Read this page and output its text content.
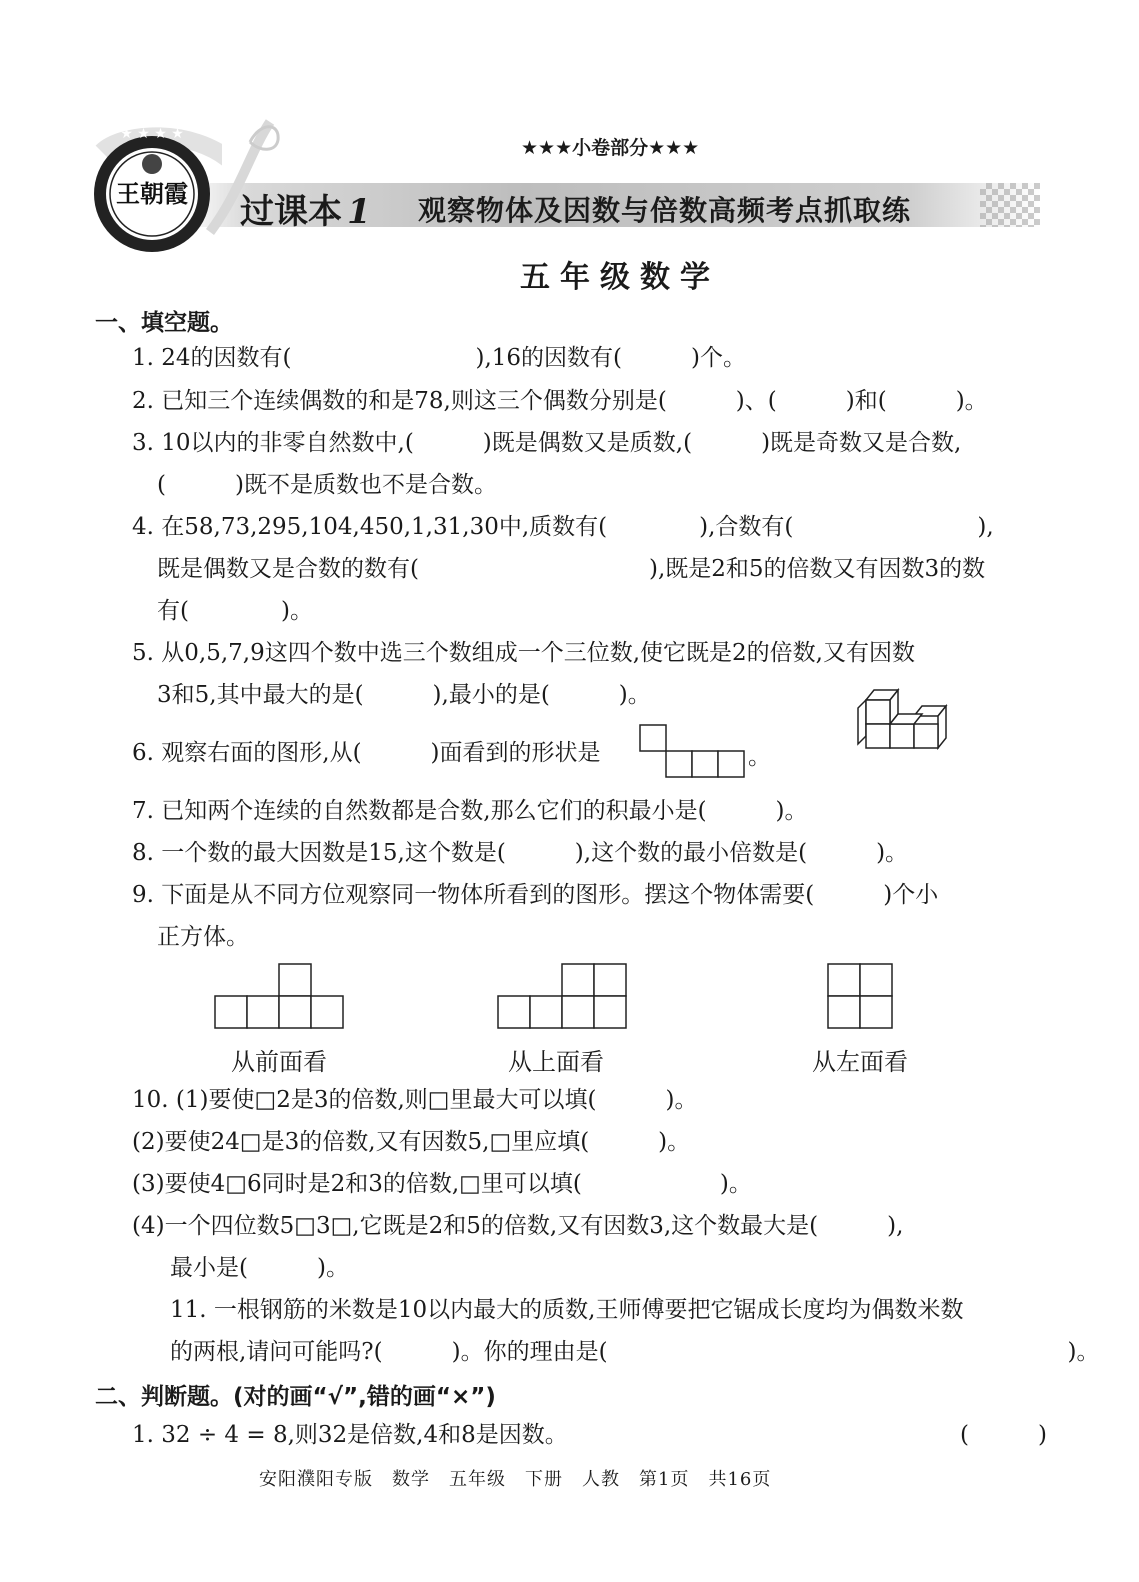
★ ★ ★ ★
王朝霞
★★★小卷部分★★★
过课本 1 观察物体及因数与倍数高频考点抓取练
五年级数学
一、填空题。
1. 24的因数有(　　　　　　　　),16的因数有(　　　)个。
2. 已知三个连续偶数的和是78,则这三个偶数分别是(　　　)、(　　　)和(　　　)。
3. 10以内的非零自然数中,(　　　)既是偶数又是质数,(　　　)既是奇数又是合数,
(　　　)既不是质数也不是合数。
4. 在58,73,295,104,450,1,31,30中,质数有(　　　　),合数有(　　　　　　　　),
既是偶数又是合数的数有(　　　　　　　　　　),既是2和5的倍数又有因数3的数
有(　　　　)。
5. 从0,5,7,9这四个数中选三个数组成一个三位数,使它既是2的倍数,又有因数
3和5,其中最大的是(　　　),最小的是(　　　)。
6. 观察右面的图形,从(　　　)面看到的形状是	。
7. 已知两个连续的自然数都是合数,那么它们的积最小是(　　　)。
8. 一个数的最大因数是15,这个数是(　　　),这个数的最小倍数是(　　　)。
9. 下面是从不同方位观察同一物体所看到的图形。摆这个物体需要(　　　)个小
正方体。
从前面看	从上面看	从左面看
10. (1)要使□2是3的倍数,则□里最大可以填(　　　)。
(2)要使24□是3的倍数,又有因数5,□里应填(　　　)。
(3)要使4□6同时是2和3的倍数,□里可以填(　　　　　　)。
(4)一个四位数5□3□,它既是2和5的倍数,又有因数3,这个数最大是(　　　),
最小是(　　　)。
11. 一根钢筋的米数是10以内最大的质数,王师傅要把它锯成长度均为偶数米数
的两根,请问可能吗?(　　　)。你的理由是(　　　　　　　　　　　　　　　　　　　　)。
二、判断题。(对的画“√”,错的画“×”)
1. 32 ÷ 4 = 8,则32是倍数,4和8是因数。	(　　　)
安阳濮阳专版　数学　五年级　下册　人教　第1页　共16页
